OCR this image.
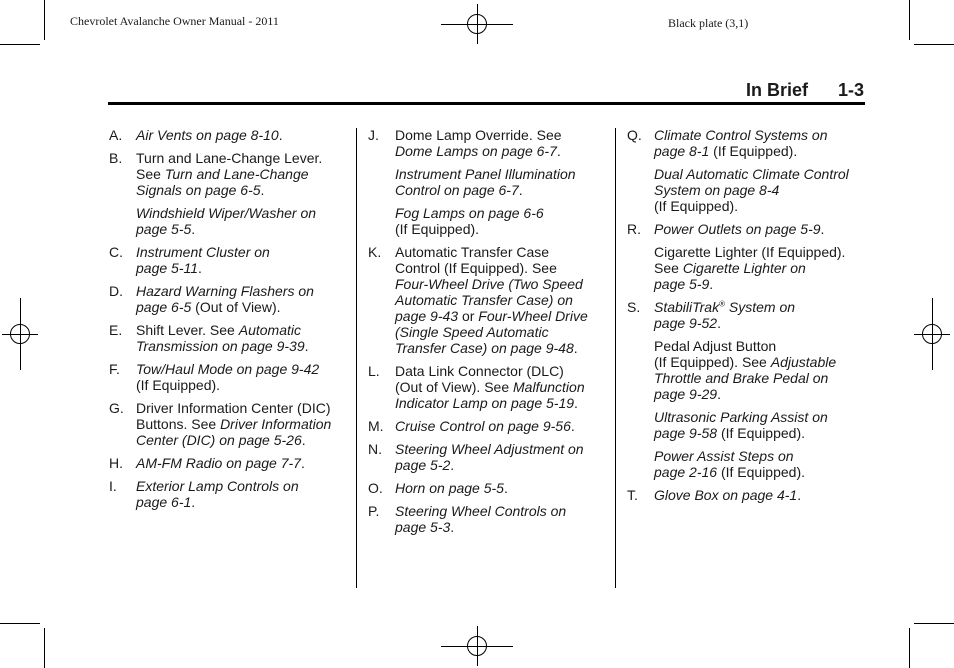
Chevrolet Avalanche Owner Manual - 2011	Black plate (3,1)
In Brief 1-3
A. Air Vents on page 8-10.
B. Turn and Lane-Change Lever.
See Turn and Lane-Change
Signals on page 6-5.
Windshield Wiper/Washer on
page 5-5.
C. Instrument Cluster on
page 5-11.
D. Hazard Warning Flashers on
page 6-5 (Out of View).
E. Shift Lever. See Automatic
Transmission on page 9-39.
F.	Tow/Haul Mode on page 9-42
(If Equipped).
G. Driver Information Center (DIC)
Buttons. See Driver Information
Center (DIC) on page 5-26.
H. AM-FM Radio on page 7-7.
I.	Exterior Lamp Controls on
page 6-1.
J.	Dome Lamp Override. See
Dome Lamps on page 6-7.
Instrument Panel Illumination
Control on page 6-7.
Fog Lamps on page 6-6
(If Equipped).
K. Automatic Transfer Case
Control (If Equipped). See
Four-Wheel Drive (Two Speed
Automatic Transfer Case) on
page 9-43 or Four-Wheel Drive
(Single Speed Automatic
Transfer Case) on page 9-48.
L.	Data Link Connector (DLC)
(Out of View). See Malfunction
Indicator Lamp on page 5-19.
M. Cruise Control on page 9-56.
N. Steering Wheel Adjustment on
page 5-2.
O. Horn on page 5-5.
P.	Steering Wheel Controls on
page 5-3.
Q. Climate Control Systems on
page 8-1 (If Equipped).
Dual Automatic Climate Control
System on page 8-4
(If Equipped).
R. Power Outlets on page 5-9.
Cigarette Lighter (If Equipped).
See Cigarette Lighter on
page 5-9.
S. StabiliTrak® System on
page 9-52.
Pedal Adjust Button
(If Equipped). See Adjustable
Throttle and Brake Pedal on
page 9-29.
Ultrasonic Parking Assist on
page 9-58 (If Equipped).
Power Assist Steps on
page 2-16 (If Equipped).
T.	Glove Box on page 4-1.
